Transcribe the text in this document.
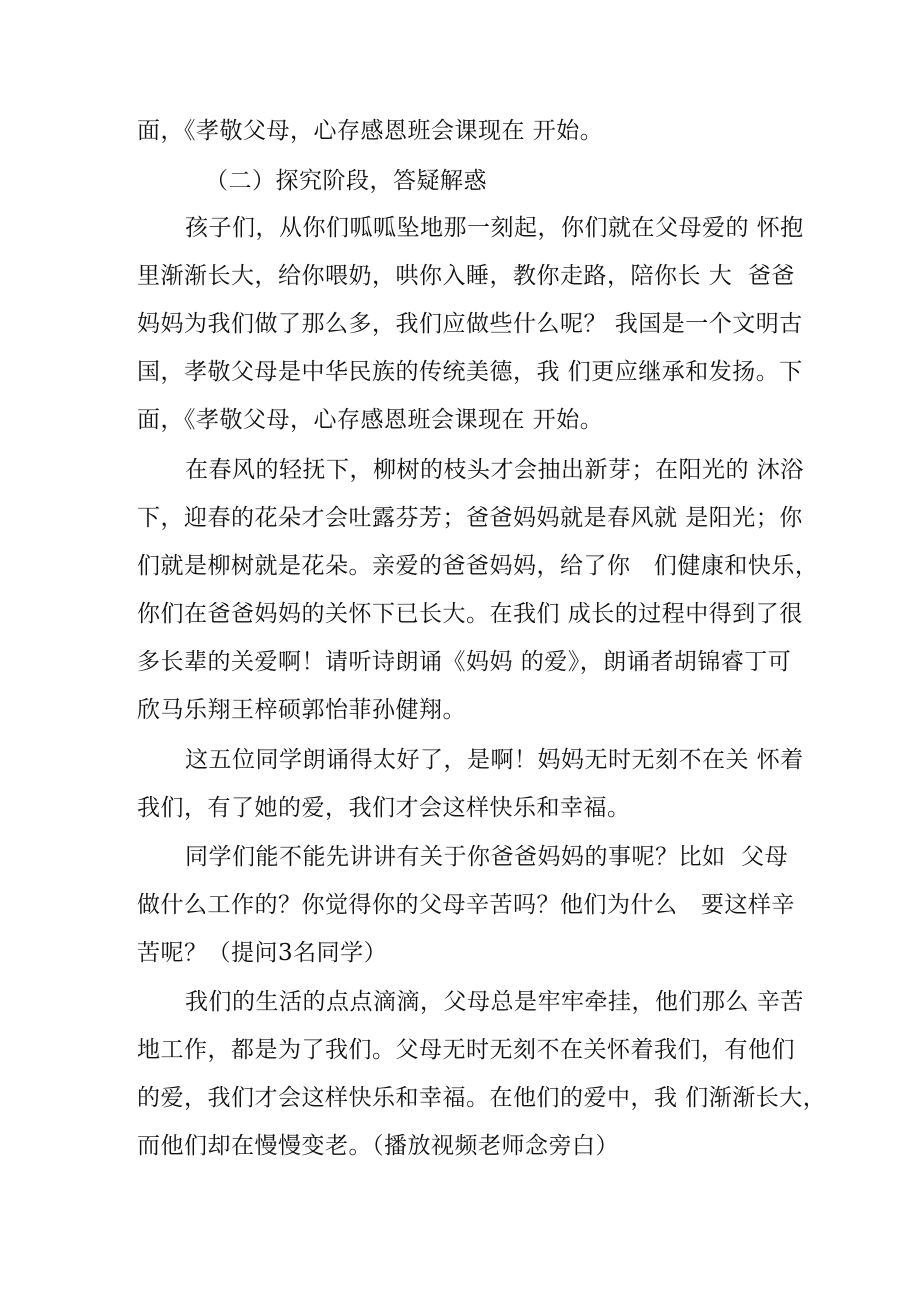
面，《孝敬父母，心存感恩班会课现在 开始。
（二）探究阶段，答疑解惑
孩子们，从你们呱呱坠地那一刻起，你们就在父母爱的 怀抱
里渐渐长大，给你喂奶，哄你入睡，教你走路，陪你长 大  爸爸
妈妈为我们做了那么多，我们应做些什么呢？ 我国是一个文明古
国，孝敬父母是中华民族的传统美德，我 们更应继承和发扬。下
面，《孝敬父母，心存感恩班会课现在 开始。
在春风的轻抚下，柳树的枝头才会抽出新芽；在阳光的 沐浴
下，迎春的花朵才会吐露芬芳；爸爸妈妈就是春风就 是阳光；你
们就是柳树就是花朵。亲爱的爸爸妈妈，给了你   们健康和快乐，
你们在爸爸妈妈的关怀下已长大。在我们 成长的过程中得到了很
多长辈的关爱啊！请听诗朗诵《妈妈 的爱》，朗诵者胡锦睿丁可
欣马乐翔王梓硕郭怡菲孙健翔。
这五位同学朗诵得太好了，是啊！妈妈无时无刻不在关 怀着
我们，有了她的爱，我们才会这样快乐和幸福。
同学们能不能先讲讲有关于你爸爸妈妈的事呢？比如  父母
做什么工作的？你觉得你的父母辛苦吗？他们为什么   要这样辛
苦呢？（提问3名同学）
我们的生活的点点滴滴，父母总是牢牢牵挂，他们那么 辛苦
地工作，都是为了我们。父母无时无刻不在关怀着我们，有他们
的爱，我们才会这样快乐和幸福。在他们的爱中，我 们渐渐长大，
而他们却在慢慢变老。（播放视频老师念旁白）
